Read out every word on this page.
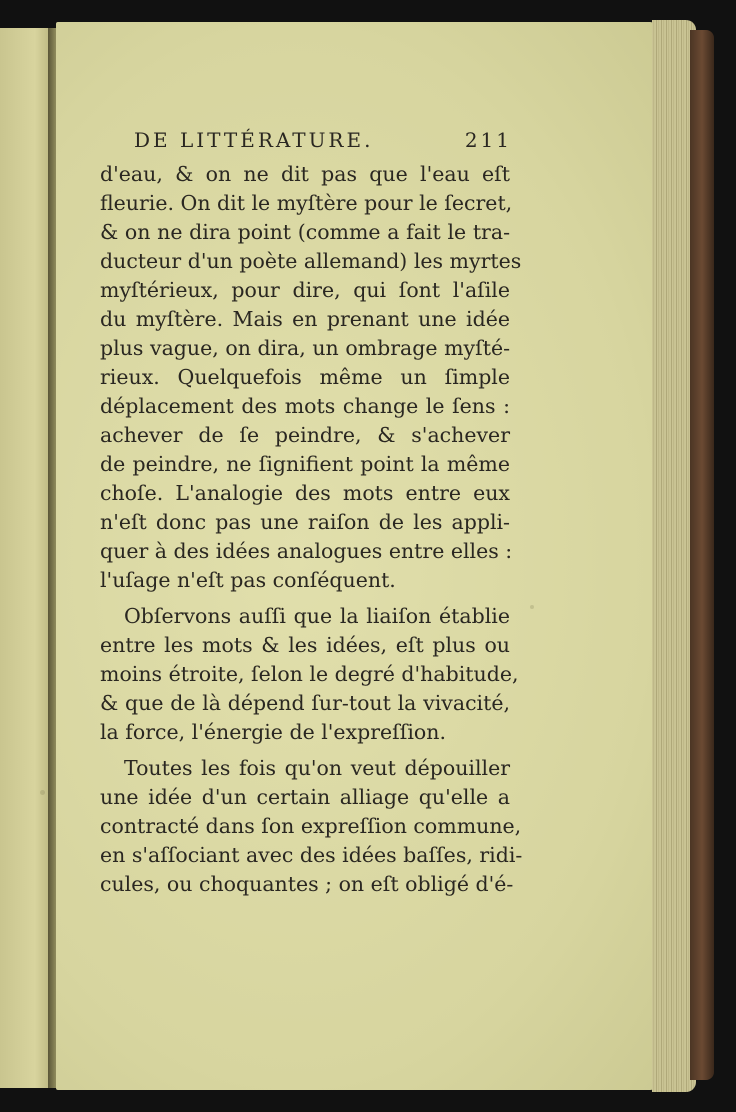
DE LITTÉRATURE.	211
d'eau, & on ne dit pas que l'eau eſt
fleurie. On dit le myſtère pour le ſecret,
& on ne dira point (comme a fait le tra-
ducteur d'un poète allemand) les myrtes
myſtérieux, pour dire, qui ſont l'aſile
du myſtère. Mais en prenant une idée
plus vague, on dira, un ombrage myſté-
rieux. Quelquefois même un ſimple
déplacement des mots change le ſens :
achever de ſe peindre, & s'achever
de peindre, ne ſignifient point la même
choſe. L'analogie des mots entre eux
n'eſt donc pas une raiſon de les appli-
quer à des idées analogues entre elles :
l'uſage n'eſt pas conſéquent.
Obſervons auſſi que la liaiſon établie
entre les mots & les idées, eſt plus ou
moins étroite, ſelon le degré d'habitude,
& que de là dépend ſur-tout la vivacité,
la force, l'énergie de l'expreſſion.
Toutes les fois qu'on veut dépouiller
une idée d'un certain alliage qu'elle a
contracté dans ſon expreſſion commune,
en s'aſſociant avec des idées baſſes, ridi-
cules, ou choquantes ; on eſt obligé d'é-
